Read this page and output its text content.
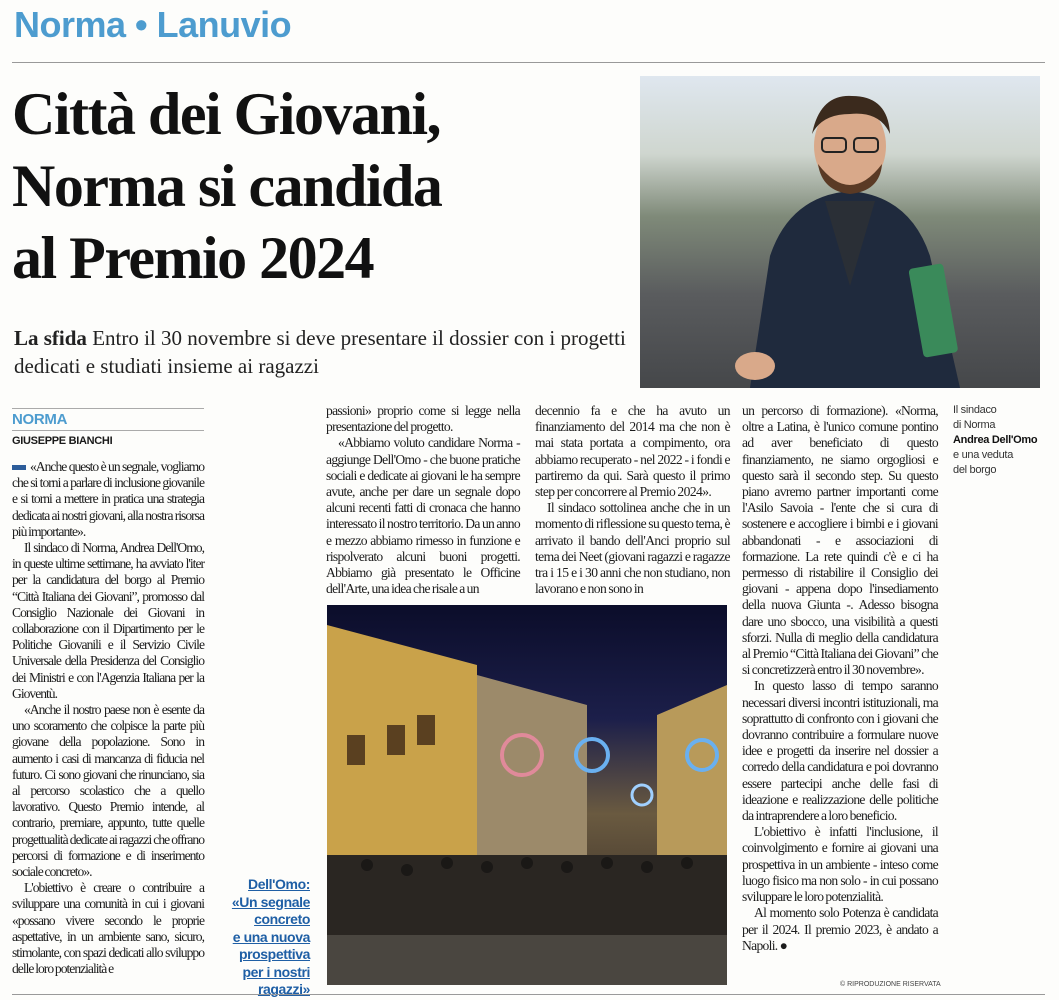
Norma • Lanuvio
Città dei Giovani,
Norma si candida
al Premio 2024
La sfida Entro il 30 novembre si deve presentare il dossier con i progetti dedicati e studiati insieme ai ragazzi
NORMA
GIUSEPPE BIANCHI

«Anche questo è un segnale, vogliamo che si torni a parlare di inclusione giovanile e si torni a mettere in pratica una strategia dedicata ai nostri giovani, alla nostra risorsa più importante».

Il sindaco di Norma, Andrea Dell'Omo, in queste ultime settimane, ha avviato l'iter per la candidatura del borgo al Premio “Città Italiana dei Giovani”, promosso dal Consiglio Nazionale dei Giovani in collaborazione con il Dipartimento per le Politiche Giovanili e il Servizio Civile Universale della Presidenza del Consiglio dei Ministri e con l'Agenzia Italiana per la Gioventù.

«Anche il nostro paese non è esente da uno scoramento che colpisce la parte più giovane della popolazione. Sono in aumento i casi di mancanza di fiducia nel futuro. Ci sono giovani che rinunciano, sia al percorso scolastico che a quello lavorativo. Questo Premio intende, al contrario, premiare, appunto, tutte quelle progettualità dedicate ai ragazzi che offrano percorsi di formazione e di inserimento sociale concreto».

L'obiettivo è creare o contribuire a sviluppare una comunità in cui i giovani «possano vivere secondo le proprie aspettative, in un ambiente sano, sicuro, stimolante, con spazi dedicati allo sviluppo delle loro potenzialità e

passioni» proprio come si legge nella presentazione del progetto.

«Abbiamo voluto candidare Norma - aggiunge Dell'Omo - che buone pratiche sociali e dedicate ai giovani le ha sempre avute, anche per dare un segnale dopo alcuni recenti fatti di cronaca che hanno interessato il nostro territorio. Da un anno e mezzo abbiamo rimesso in funzione e rispolverato alcuni buoni progetti. Abbiamo già presentato le Officine dell'Arte, una idea che risale a un

decennio fa e che ha avuto un finanziamento del 2014 ma che non è mai stata portata a compimento, ora abbiamo recuperato - nel 2022 - i fondi e partiremo da qui. Sarà questo il primo step per concorrere al Premio 2024».

Il sindaco sottolinea anche che in un momento di riflessione su questo tema, è arrivato il bando dell'Anci proprio sul tema dei Neet (giovani ragazzi e ragazze tra i 15 e i 30 anni che non studiano, non lavorano e non sono in

un percorso di formazione). «Norma, oltre a Latina, è l'unico comune pontino ad aver beneficiato di questo finanziamento, ne siamo orgogliosi e questo sarà il secondo step. Su questo piano avremo partner importanti come l'Asilo Savoia - l'ente che si cura di sostenere e accogliere i bimbi e i giovani abbandonati - e associazioni di formazione. La rete quindi c'è e ci ha permesso di ristabilire il Consiglio dei giovani - appena dopo l'insediamento della nuova Giunta -. Adesso bisogna dare uno sbocco, una visibilità a questi sforzi. Nulla di meglio della candidatura al Premio “Città Italiana dei Giovani” che si concretizzerà entro il 30 novembre».

In questo lasso di tempo saranno necessari diversi incontri istituzionali, ma soprattutto di confronto con i giovani che dovranno contribuire a formulare nuove idee e progetti da inserire nel dossier a corredo della candidatura e poi dovranno essere partecipi anche delle fasi di ideazione e realizzazione delle politiche da intraprendere a loro beneficio.

L'obiettivo è infatti l'inclusione, il coinvolgimento e fornire ai giovani una prospettiva in un ambiente - inteso come luogo fisico ma non solo - in cui possano sviluppare le loro potenzialità.

Al momento solo Potenza è candidata per il 2024. Il premio 2023, è andato a Napoli. ●

Il sindaco
di Norma
Andrea Dell'Omo
e una veduta
del borgo
Dell'Omo:
«Un segnale
concreto
e una nuova
prospettiva
per i nostri
ragazzi»	© RIPRODUZIONE RISERVATA
